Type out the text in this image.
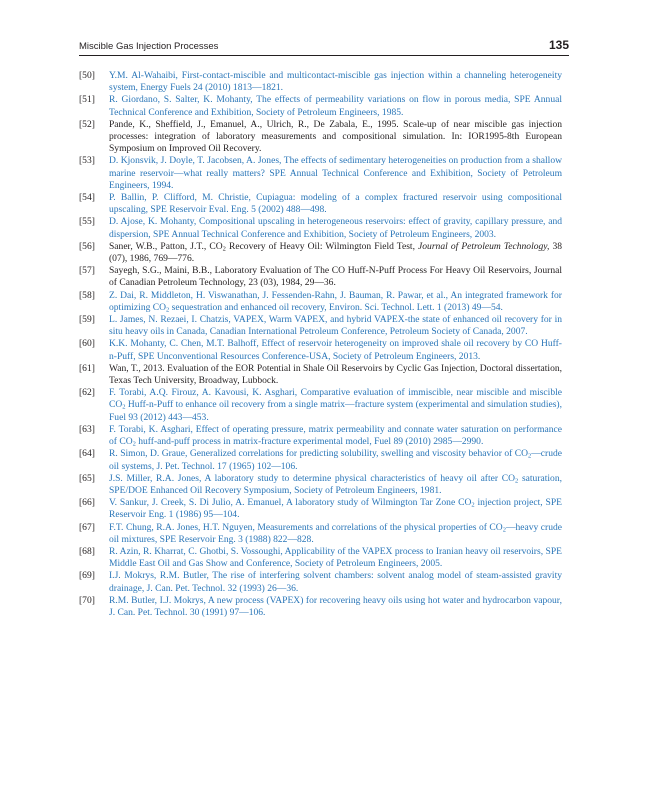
Miscible Gas Injection Processes	135
[50] Y.M. Al-Wahaibi, First-contact-miscible and multicontact-miscible gas injection within a channeling heterogeneity system, Energy Fuels 24 (2010) 1813—1821.
[51] R. Giordano, S. Salter, K. Mohanty, The effects of permeability variations on flow in porous media, SPE Annual Technical Conference and Exhibition, Society of Petroleum Engineers, 1985.
[52] Pande, K., Sheffield, J., Emanuel, A., Ulrich, R., De Zabala, E., 1995. Scale-up of near miscible gas injection processes: integration of laboratory measurements and compositional simulation. In: IOR1995-8th European Symposium on Improved Oil Recovery.
[53] D. Kjonsvik, J. Doyle, T. Jacobsen, A. Jones, The effects of sedimentary heterogeneities on production from a shallow marine reservoir—what really matters? SPE Annual Technical Conference and Exhibition, Society of Petroleum Engineers, 1994.
[54] P. Ballin, P. Clifford, M. Christie, Cupiagua: modeling of a complex fractured reservoir using compositional upscaling, SPE Reservoir Eval. Eng. 5 (2002) 488—498.
[55] D. Ajose, K. Mohanty, Compositional upscaling in heterogeneous reservoirs: effect of gravity, capillary pressure, and dispersion, SPE Annual Technical Conference and Exhibition, Society of Petroleum Engineers, 2003.
[56] Saner, W.B., Patton, J.T., $CO_2$ Recovery of Heavy Oil: Wilmington Field Test, Journal of Petroleum Technology, 38 (07), 1986, 769—776.
[57] Sayegh, S.G., Maini, B.B., Laboratory Evaluation of The CO Huff-N-Puff Process For Heavy Oil Reservoirs, Journal of Canadian Petroleum Technology, 23 (03), 1984, 29—36.
[58] Z. Dai, R. Middleton, H. Viswanathan, J. Fessenden-Rahn, J. Bauman, R. Pawar, et al., An integrated framework for optimizing $CO_2$ sequestration and enhanced oil recovery, Environ. Sci. Technol. Lett. 1 (2013) 49—54.
[59] L. James, N. Rezaei, I. Chatzis, VAPEX, Warm VAPEX, and hybrid VAPEX-the state of enhanced oil recovery for in situ heavy oils in Canada, Canadian International Petroleum Conference, Petroleum Society of Canada, 2007.
[60] K.K. Mohanty, C. Chen, M.T. Balhoff, Effect of reservoir heterogeneity on improved shale oil recovery by CO Huff-n-Puff, SPE Unconventional Resources Conference-USA, Society of Petroleum Engineers, 2013.
[61] Wan, T., 2013. Evaluation of the EOR Potential in Shale Oil Reservoirs by Cyclic Gas Injection, Doctoral dissertation, Texas Tech University, Broadway, Lubbock.
[62] F. Torabi, A.Q. Firouz, A. Kavousi, K. Asghari, Comparative evaluation of immiscible, near miscible and miscible $CO_2$ Huff-n-Puff to enhance oil recovery from a single matrix—fracture system (experimental and simulation studies), Fuel 93 (2012) 443—453.
[63] F. Torabi, K. Asghari, Effect of operating pressure, matrix permeability and connate water saturation on performance of $CO_2$ huff-and-puff process in matrix-fracture experimental model, Fuel 89 (2010) 2985—2990.
[64] R. Simon, D. Graue, Generalized correlations for predicting solubility, swelling and viscosity behavior of $CO_2—crude$ oil systems, J. Pet. Technol. 17 (1965) 102—106.
[65] J.S. Miller, R.A. Jones, A laboratory study to determine physical characteristics of heavy oil after $CO_2$ saturation, SPE/DOE Enhanced Oil Recovery Symposium, Society of Petroleum Engineers, 1981.
[66] V. Sankur, J. Creek, S. Di Julio, A. Emanuel, A laboratory study of Wilmington Tar Zone $CO_2$ injection project, SPE Reservoir Eng. 1 (1986) 95—104.
[67] F.T. Chung, R.A. Jones, H.T. Nguyen, Measurements and correlations of the physical properties of $CO_2—heavy$ crude oil mixtures, SPE Reservoir Eng. 3 (1988) 822—828.
[68] R. Azin, R. Kharrat, C. Ghotbi, S. Vossoughi, Applicability of the VAPEX process to Iranian heavy oil reservoirs, SPE Middle East Oil and Gas Show and Conference, Society of Petroleum Engineers, 2005.
[69] I.J. Mokrys, R.M. Butler, The rise of interfering solvent chambers: solvent analog model of steam-assisted gravity drainage, J. Can. Pet. Technol. 32 (1993) 26—36.
[70] R.M. Butler, I.J. Mokrys, A new process (VAPEX) for recovering heavy oils using hot water and hydrocarbon vapour, J. Can. Pet. Technol. 30 (1991) 97—106.
